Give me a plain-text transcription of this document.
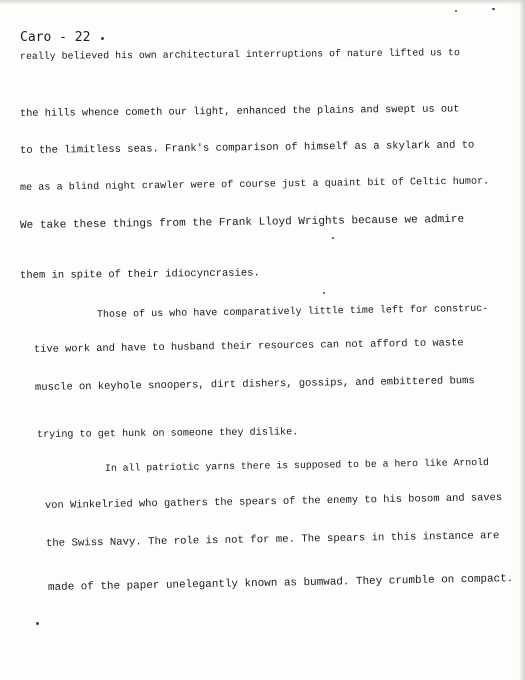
Caro - 22
really believed his own architectural interruptions of nature lifted us to
the hills whence cometh our light, enhanced the plains and swept us out
to the limitless seas. Frank's comparison of himself as a skylark and to
me as a blind night crawler were of course just a quaint bit of Celtic humor.
We take these things from the Frank Lloyd Wrights because we admire
them in spite of their idiocyncrasies.
Those of us who have comparatively little time left for construc-
tive work and have to husband their resources can not afford to waste
muscle on keyhole snoopers, dirt dishers, gossips, and embittered bums
trying to get hunk on someone they dislike.
In all patriotic yarns there is supposed to be a hero like Arnold
von Winkelried who gathers the spears of the enemy to his bosom and saves
the Swiss Navy. The role is not for me. The spears in this instance are
made of the paper unelegantly known as bumwad. They crumble on compact.
